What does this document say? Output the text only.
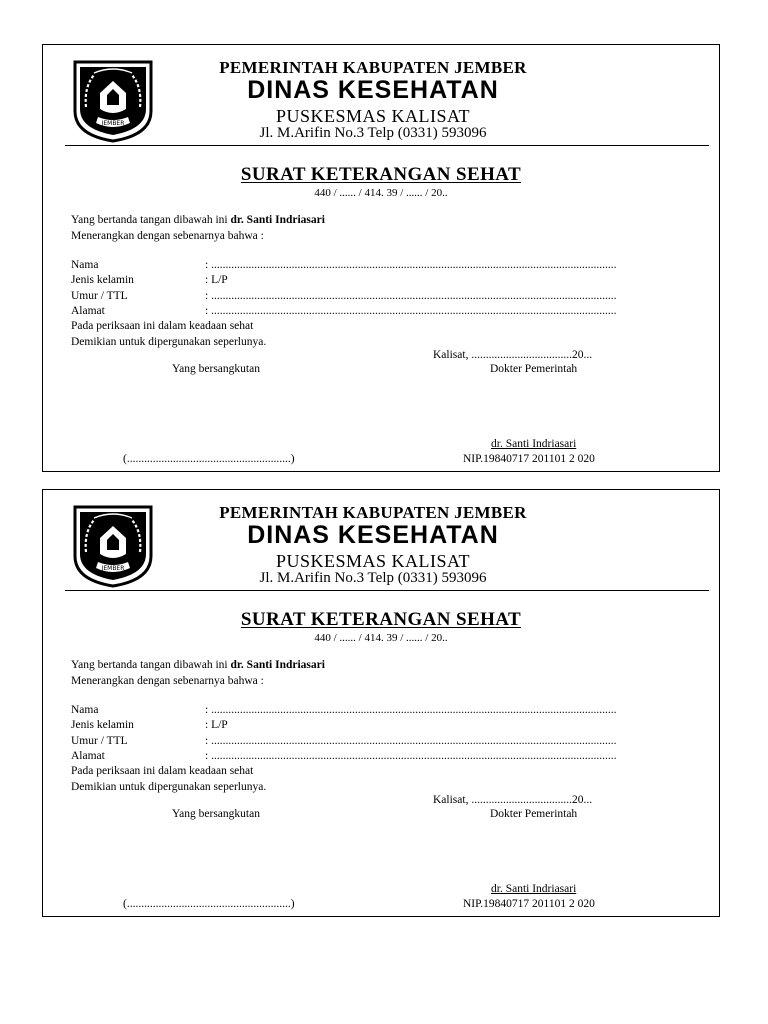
JEMBER
PEMERINTAH KABUPATEN JEMBER
DINAS KESEHATAN
PUSKESMAS KALISAT
Jl. M.Arifin No.3 Telp (0331) 593096
SURAT KETERANGAN SEHAT
440 / ...... / 414. 39 / ...... / 20..
Yang bertanda tangan dibawah ini dr. Santi Indriasari
Menerangkan dengan sebenarnya bahwa :
Nama	: .............................................................................................................................................
Jenis kelamin	: L/P
Umur / TTL	: .............................................................................................................................................
Alamat	: .............................................................................................................................................
Pada periksaan ini dalam keadaan sehat
Demikian untuk dipergunakan seperlunya.
Kalisat, ...................................20...
Yang bersangkutan	Dokter Pemerintah
dr. Santi Indriasari
(.........................................................)	NIP.19840717 201101 2 020
JEMBER
PEMERINTAH KABUPATEN JEMBER
DINAS KESEHATAN
PUSKESMAS KALISAT
Jl. M.Arifin No.3 Telp (0331) 593096
SURAT KETERANGAN SEHAT
440 / ...... / 414. 39 / ...... / 20..
Yang bertanda tangan dibawah ini dr. Santi Indriasari
Menerangkan dengan sebenarnya bahwa :
Nama	: .............................................................................................................................................
Jenis kelamin	: L/P
Umur / TTL	: .............................................................................................................................................
Alamat	: .............................................................................................................................................
Pada periksaan ini dalam keadaan sehat
Demikian untuk dipergunakan seperlunya.
Kalisat, ...................................20...
Yang bersangkutan	Dokter Pemerintah
dr. Santi Indriasari
(.........................................................)	NIP.19840717 201101 2 020
